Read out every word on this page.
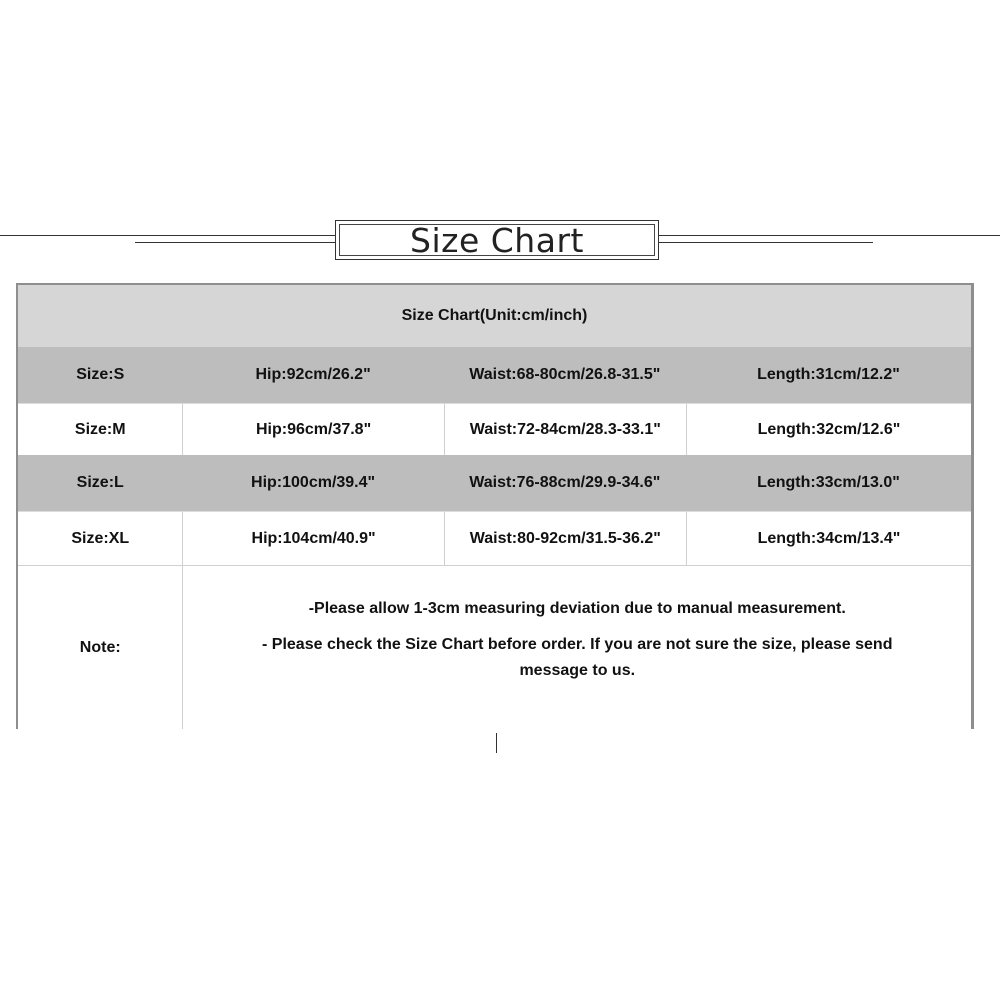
Size Chart
Size Chart(Unit:cm/inch)
Size:S	Hip:92cm/26.2"	Waist:68-80cm/26.8-31.5"	Length:31cm/12.2"
Size:M	Hip:96cm/37.8"	Waist:72-84cm/28.3-33.1"	Length:32cm/12.6"
Size:L	Hip:100cm/39.4"	Waist:76-88cm/29.9-34.6"	Length:33cm/13.0"
Size:XL	Hip:104cm/40.9"	Waist:80-92cm/31.5-36.2"	Length:34cm/13.4"
Note:
-Please allow 1-3cm measuring deviation due to manual measurement.
- Please check the Size Chart before order. If you are not sure the size, please send message to us.
